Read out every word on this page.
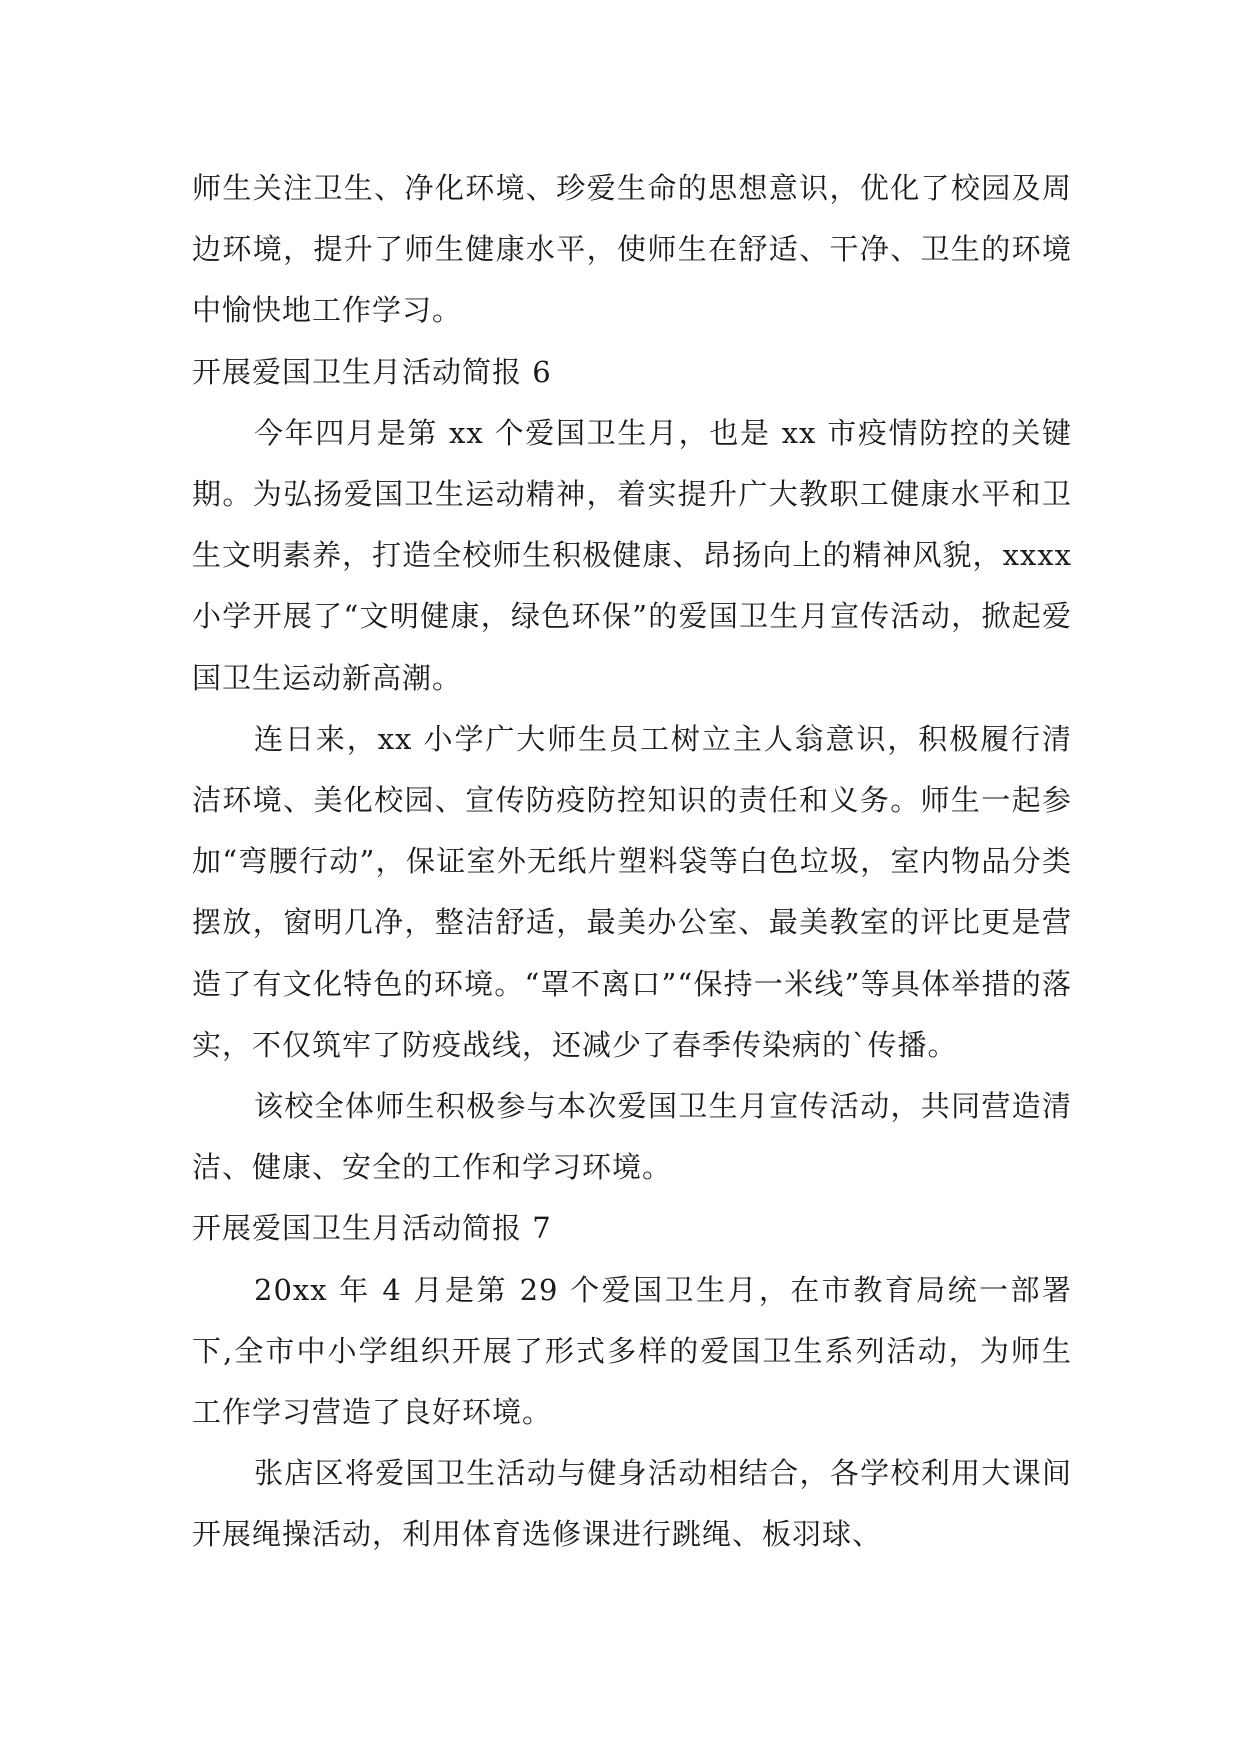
师生关注卫生、净化环境、珍爱生命的思想意识，优化了校园及周边环境，提升了师生健康水平，使师生在舒适、干净、卫生的环境中愉快地工作学习。

开展爱国卫生月活动简报 6

今年四月是第 xx 个爱国卫生月，也是 xx 市疫情防控的关键期。为弘扬爱国卫生运动精神，着实提升广大教职工健康水平和卫生文明素养，打造全校师生积极健康、昂扬向上的精神风貌，xxxx 小学开展了“文明健康，绿色环保”的爱国卫生月宣传活动，掀起爱国卫生运动新高潮。

连日来，xx 小学广大师生员工树立主人翁意识，积极履行清洁环境、美化校园、宣传防疫防控知识的责任和义务。师生一起参加“弯腰行动”，保证室外无纸片塑料袋等白色垃圾，室内物品分类摆放，窗明几净，整洁舒适，最美办公室、最美教室的评比更是营造了有文化特色的环境。“罩不离口”“保持一米线”等具体举措的落实，不仅筑牢了防疫战线，还减少了春季传染病的`传播。

该校全体师生积极参与本次爱国卫生月宣传活动，共同营造清洁、健康、安全的工作和学习环境。

开展爱国卫生月活动简报 7

20xx 年 4 月是第 29 个爱国卫生月，在市教育局统一部署下,全市中小学组织开展了形式多样的爱国卫生系列活动，为师生工作学习营造了良好环境。

张店区将爱国卫生活动与健身活动相结合，各学校利用大课间开展绳操活动，利用体育选修课进行跳绳、板羽球、
